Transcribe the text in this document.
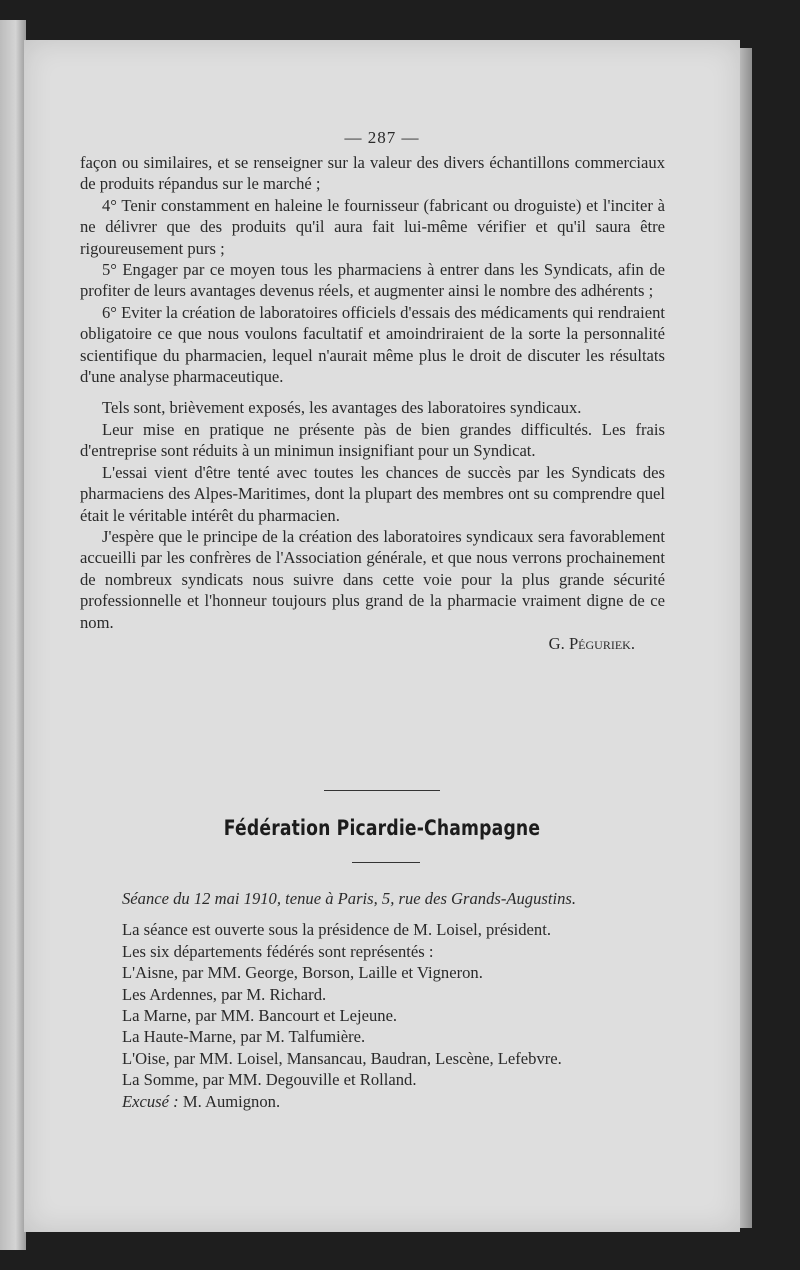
— 287 —

façon ou similaires, et se renseigner sur la valeur des divers échantillons commerciaux de produits répandus sur le marché ;

4° Tenir constamment en haleine le fournisseur (fabricant ou droguiste) et l'inciter à ne délivrer que des produits qu'il aura fait lui-même vérifier et qu'il saura être rigoureusement purs ;

5° Engager par ce moyen tous les pharmaciens à entrer dans les Syndicats, afin de profiter de leurs avantages devenus réels, et augmenter ainsi le nombre des adhérents ;

6° Eviter la création de laboratoires officiels d'essais des médicaments qui rendraient obligatoire ce que nous voulons facultatif et amoindriraient de la sorte la personnalité scientifique du pharmacien, lequel n'aurait même plus le droit de discuter les résultats d'une analyse pharmaceutique.

Tels sont, brièvement exposés, les avantages des laboratoires syndicaux.

Leur mise en pratique ne présente pàs de bien grandes difficultés. Les frais d'entreprise sont réduits à un minimun insignifiant pour un Syndicat.

L'essai vient d'être tenté avec toutes les chances de succès par les Syndicats des pharmaciens des Alpes-Maritimes, dont la plupart des membres ont su comprendre quel était le véritable intérêt du pharmacien.

J'espère que le principe de la création des laboratoires syndicaux sera favorablement accueilli par les confrères de l'Association générale, et que nous verrons prochainement de nombreux syndicats nous suivre dans cette voie pour la plus grande sécurité professionnelle et l'honneur toujours plus grand de la pharmacie vraiment digne de ce nom.

G. Péguriek.

Fédération Picardie-Champagne

Séance du 12 mai 1910, tenue à Paris, 5, rue des Grands-Augustins.

La séance est ouverte sous la présidence de M. Loisel, président.

Les six départements fédérés sont représentés :

L'Aisne, par MM. George, Borson, Laille et Vigneron.

Les Ardennes, par M. Richard.

La Marne, par MM. Bancourt et Lejeune.

La Haute-Marne, par M. Talfumière.

L'Oise, par MM. Loisel, Mansancau, Baudran, Lescène, Lefebvre.

La Somme, par MM. Degouville et Rolland.

Excusé : M. Aumignon.
